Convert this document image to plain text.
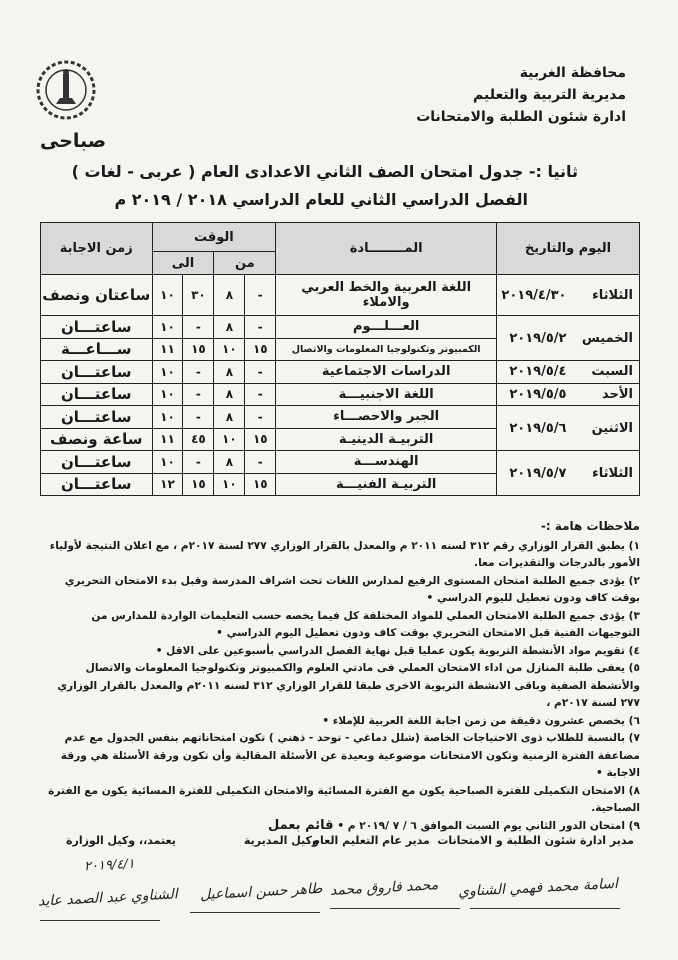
محافظة الغربية
مديرية التربية والتعليم
ادارة شئون الطلبة والامتحانات
صباحى
ثانيا :- جدول امتحان الصف الثاني الاعدادى العام ( عربى - لغات )
الفصل الدراسي الثاني للعام الدراسي ٢٠١٨ / ٢٠١٩ م
اليوم والتاريخ	المــــــــادة	الوقت				زمن الاجابة
		من		الى		
الثلاثاء ٢٠١٩/٤/٣٠	اللغة العربية والخط العربي والاملاء	-	٨	٣٠	١٠	ساعتان ونصف
الخميس ٢٠١٩/٥/٢	العـــلـــوم	-	٨	-	١٠	ساعتـــان
	الكمبيوتر وتكنولوجيا المعلومات والاتصال	١٥	١٠	١٥	١١	ســـاعـــة
السبت ٢٠١٩/٥/٤	الدراسات الاجتماعية	-	٨	-	١٠	ساعتـــان
الأحد ٢٠١٩/٥/٥	اللغة الاجنبيـــة	-	٨	-	١٠	ساعتـــان
الاثنين ٢٠١٩/٥/٦	الجبر والاحصـــاء	-	٨	-	١٠	ساعتـــان
	التربيـة الدينيـة	١٥	١٠	٤٥	١١	ساعة ونصف
الثلاثاء ٢٠١٩/٥/٧	الهندســـة	-	٨	-	١٠	ساعتـــان
	التربيـة الفنيـــة	١٥	١٠	١٥	١٢	ساعتـــان
ملاحظات هامة :-

١) يطبق القرار الوزاري رقم ٣١٢ لسنه ٢٠١١ م والمعدل بالقرار الوزاري ٢٧٧ لسنة ٢٠١٧م ، مع اعلان النتيجة لأولياء الأمور بالدرجات والتقديرات معا.

٢) يؤدى جميع الطلبة امتحان المستوى الرفيع لمدارس اللغات تحت اشراف المدرسة وقبل بدء الامتحان التحريري بوقت كاف ودون تعطيل لليوم الدراسي •

٣) يؤدى جميع الطلبة الامتحان العملي للمواد المختلفة كل فيما يخصه حسب التعليمات الواردة للمدارس من التوجيهات الفنية قبل الامتحان التحريري بوقت كاف ودون تعطيل اليوم الدراسي •

٤) تقويم مواد الأنشطة التربوية يكون عمليا قبل نهاية الفصل الدراسي بأسبوعين على الاقل •

٥) يعفى طلبة المنازل من اداء الامتحان العملي فى مادتي العلوم والكمبيوتر وتكنولوجيا المعلومات والاتصال والأنشطة الصفية وباقى الانشطة التربوية الاخرى طبقا للقرار الوزاري ٣١٢ لسنه ٢٠١١م والمعدل بالقرار الوزاري ٢٧٧ لسنة ٢٠١٧م ،

٦) يخصص عشرون دقيقة من زمن اجابة اللغة العربية للإملاء •

٧) بالنسبة للطلاب ذوى الاحتياجات الخاصة (شلل دماغي - توحد - ذهني ) تكون امتحاناتهم بنفس الجدول مع عدم مضاعفة الفترة الزمنية وتكون الامتحانات موضوعية وبعيدة عن الأسئلة المقالية وأن تكون ورقة الأسئلة هي ورقة الاجابة •

٨) الامتحان التكميلى للفترة الصباحية يكون مع الفترة المسائية والامتحان التكميلى للفترة المسائية يكون مع الفترة الصباحية.

٩) امتحان الدور الثاني يوم السبت الموافق ٦ / ٧ /٢٠١٩ م •

قائم بعمل
مدير ادارة شئون الطلبة و الامتحانات
مدير عام التعليم العام
وكيل المديرية
يعتمد،، وكيل الوزارة
اسامة محمد فهمي الشناوي
محمد فاروق محمد
طاهر حسن اسماعيل
الشناوي عبد الصمد عايد
٢٠١٩/٤/١
